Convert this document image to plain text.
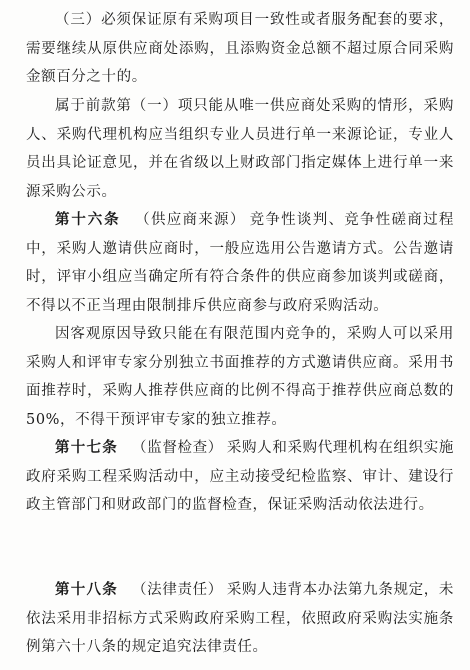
（三）必须保证原有采购项目一致性或者服务配套的要求，需要继续从原供应商处添购，且添购资金总额不超过原合同采购金额百分之十的。

属于前款第（一）项只能从唯一供应商处采购的情形，采购人、采购代理机构应当组织专业人员进行单一来源论证，专业人员出具论证意见，并在省级以上财政部门指定媒体上进行单一来源采购公示。

第十六条 （供应商来源） 竞争性谈判、竞争性磋商过程中，采购人邀请供应商时，一般应选用公告邀请方式。公告邀请时，评审小组应当确定所有符合条件的供应商参加谈判或磋商，不得以不正当理由限制排斥供应商参与政府采购活动。

因客观原因导致只能在有限范围内竞争的，采购人可以采用采购人和评审专家分别独立书面推荐的方式邀请供应商。采用书面推荐时，采购人推荐供应商的比例不得高于推荐供应商总数的50%，不得干预评审专家的独立推荐。

第十七条 （监督检查） 采购人和采购代理机构在组织实施政府采购工程采购活动中，应主动接受纪检监察、审计、建设行政主管部门和财政部门的监督检查，保证采购活动依法进行。

第十八条 （法律责任） 采购人违背本办法第九条规定，未依法采用非招标方式采购政府采购工程，依照政府采购法实施条例第六十八条的规定追究法律责任。
